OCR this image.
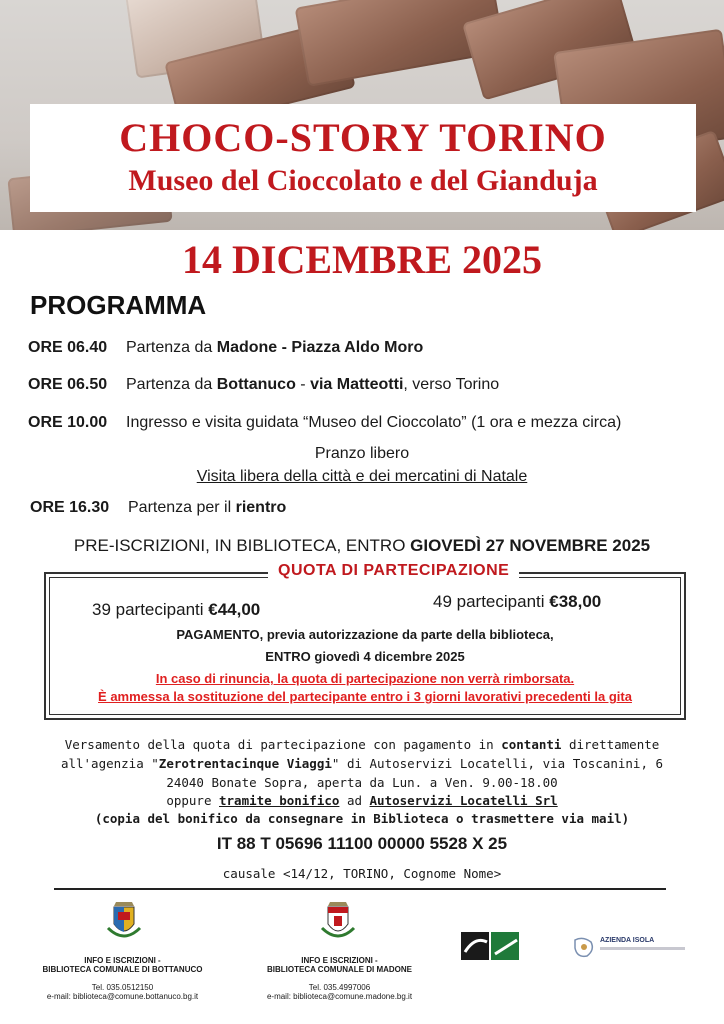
CHOCO-STORY TORINO
Museo del Cioccolato e del Gianduja
14 DICEMBRE 2025
PROGRAMMA
ORE 06.40 Partenza da Madone - Piazza Aldo Moro
ORE 06.50 Partenza da Bottanuco - via Matteotti, verso Torino
ORE 10.00 Ingresso e visita guidata “Museo del Cioccolato” (1 ora e mezza circa)
Pranzo libero
Visita libera della città e dei mercatini di Natale
ORE 16.30 Partenza per il rientro
PRE-ISCRIZIONI, IN BIBLIOTECA, ENTRO GIOVEDÌ 27 NOVEMBRE 2025
QUOTA DI PARTECIPAZIONE
39 partecipanti €44,00	49 partecipanti €38,00
PAGAMENTO, previa autorizzazione da parte della biblioteca,
ENTRO giovedì 4 dicembre 2025
In caso di rinuncia, la quota di partecipazione non verrà rimborsata.
È ammessa la sostituzione del partecipante entro i 3 giorni lavorativi precedenti la gita
Versamento della quota di partecipazione con pagamento in contanti direttamente
all'agenzia "Zerotrentacinque Viaggi" di Autoservizi Locatelli, via Toscanini, 6
24040 Bonate Sopra, aperta da Lun. a Ven. 9.00-18.00
oppure tramite bonifico ad Autoservizi Locatelli Srl
(copia del bonifico da consegnare in Biblioteca o trasmettere via mail)
IT 88 T 05696 11100 00000 5528 X 25
causale <14/12, TORINO, Cognome Nome>
INFO E ISCRIZIONI -
BIBLIOTECA COMUNALE DI BOTTANUCO

Tel. 035.0512150
e-mail: biblioteca@comune.bottanuco.bg.it
INFO E ISCRIZIONI -
BIBLIOTECA COMUNALE DI MADONE

Tel. 035.4997006
e-mail: biblioteca@comune.madone.bg.it
AZIENDA ISOLA
